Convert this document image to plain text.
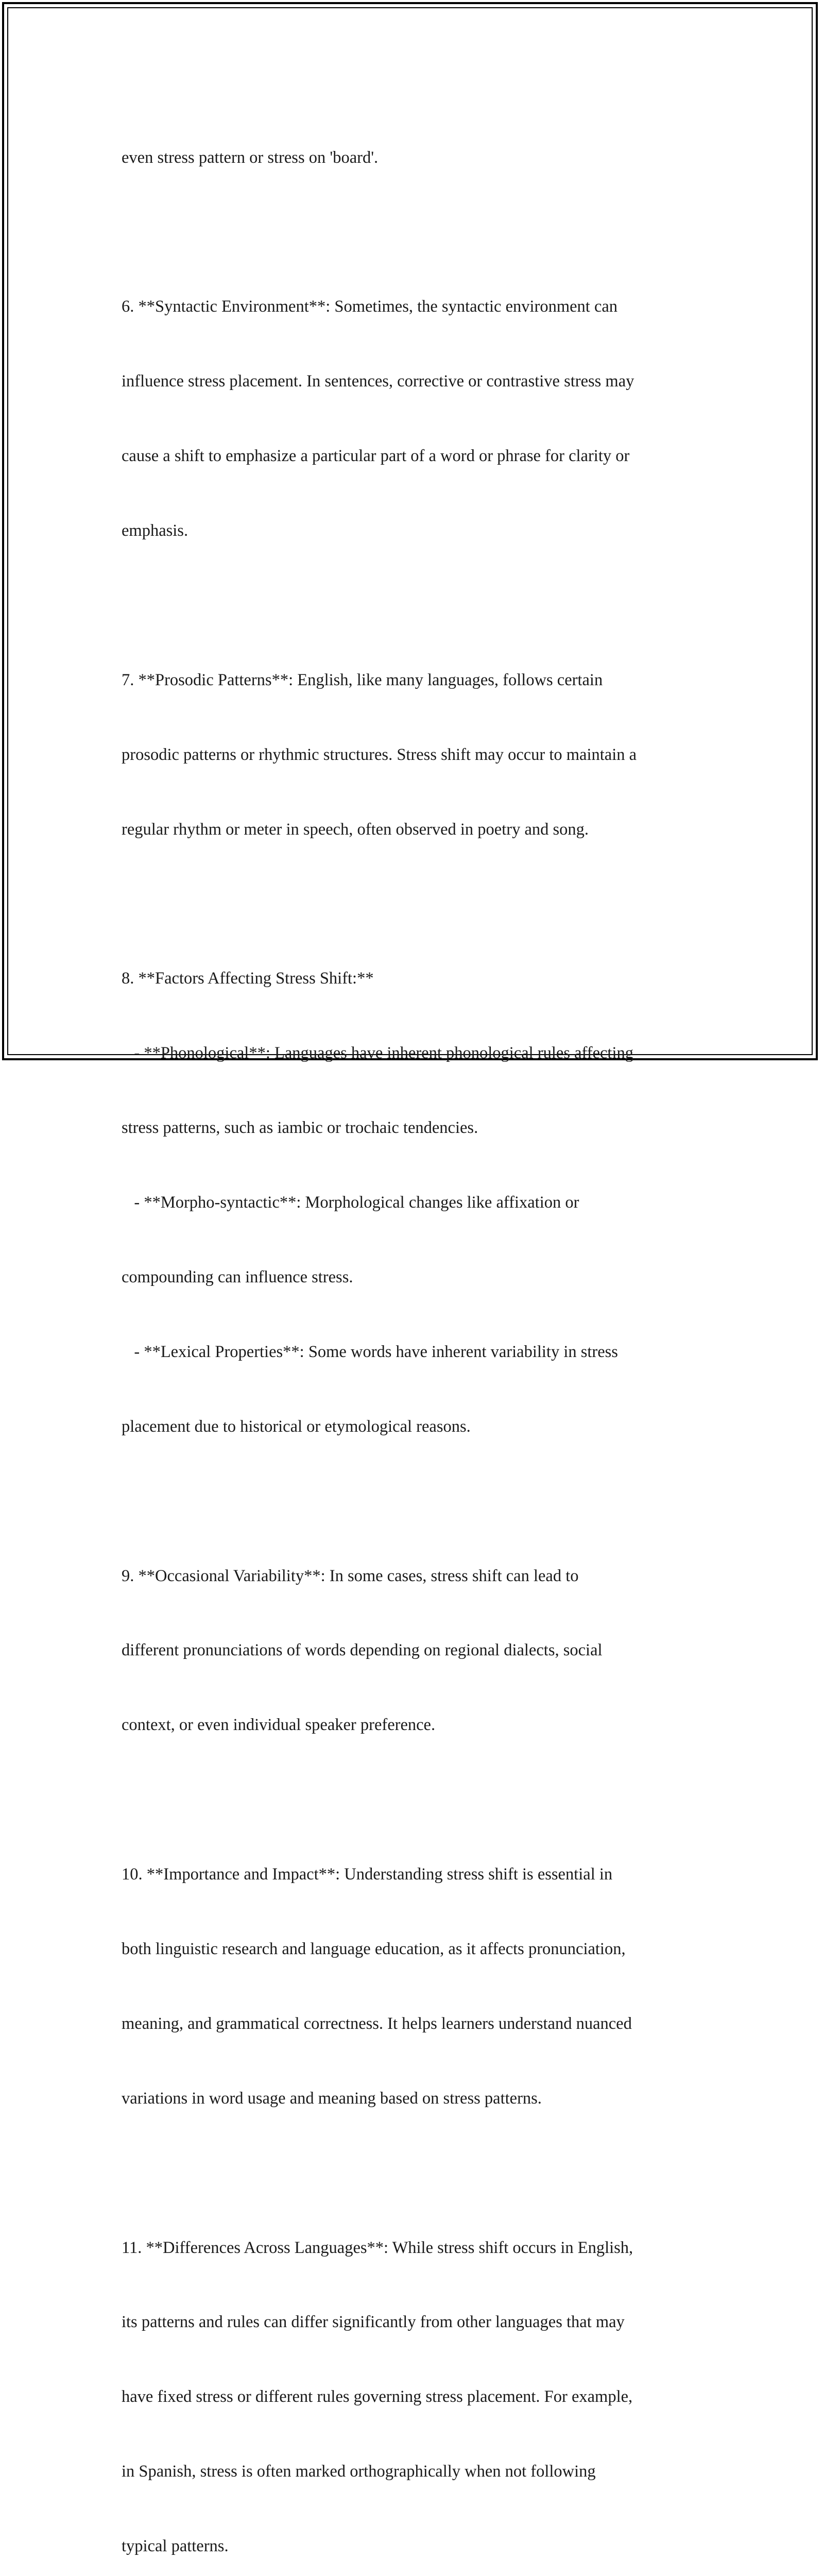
even stress pattern or stress on 'board'.

6. **Syntactic Environment**: Sometimes, the syntactic environment can

influence stress placement. In sentences, corrective or contrastive stress may

cause a shift to emphasize a particular part of a word or phrase for clarity or

emphasis.

7. **Prosodic Patterns**: English, like many languages, follows certain

prosodic patterns or rhythmic structures. Stress shift may occur to maintain a

regular rhythm or meter in speech, often observed in poetry and song.

8. **Factors Affecting Stress Shift:**

- **Phonological**: Languages have inherent phonological rules affecting

stress patterns, such as iambic or trochaic tendencies.

- **Morpho-syntactic**: Morphological changes like affixation or

compounding can influence stress.

- **Lexical Properties**: Some words have inherent variability in stress

placement due to historical or etymological reasons.

9. **Occasional Variability**: In some cases, stress shift can lead to

different pronunciations of words depending on regional dialects, social

context, or even individual speaker preference.

10. **Importance and Impact**: Understanding stress shift is essential in

both linguistic research and language education, as it affects pronunciation,

meaning, and grammatical correctness. It helps learners understand nuanced

variations in word usage and meaning based on stress patterns.

11. **Differences Across Languages**: While stress shift occurs in English,

its patterns and rules can differ significantly from other languages that may

have fixed stress or different rules governing stress placement. For example,

in Spanish, stress is often marked orthographically when not following

typical patterns.
